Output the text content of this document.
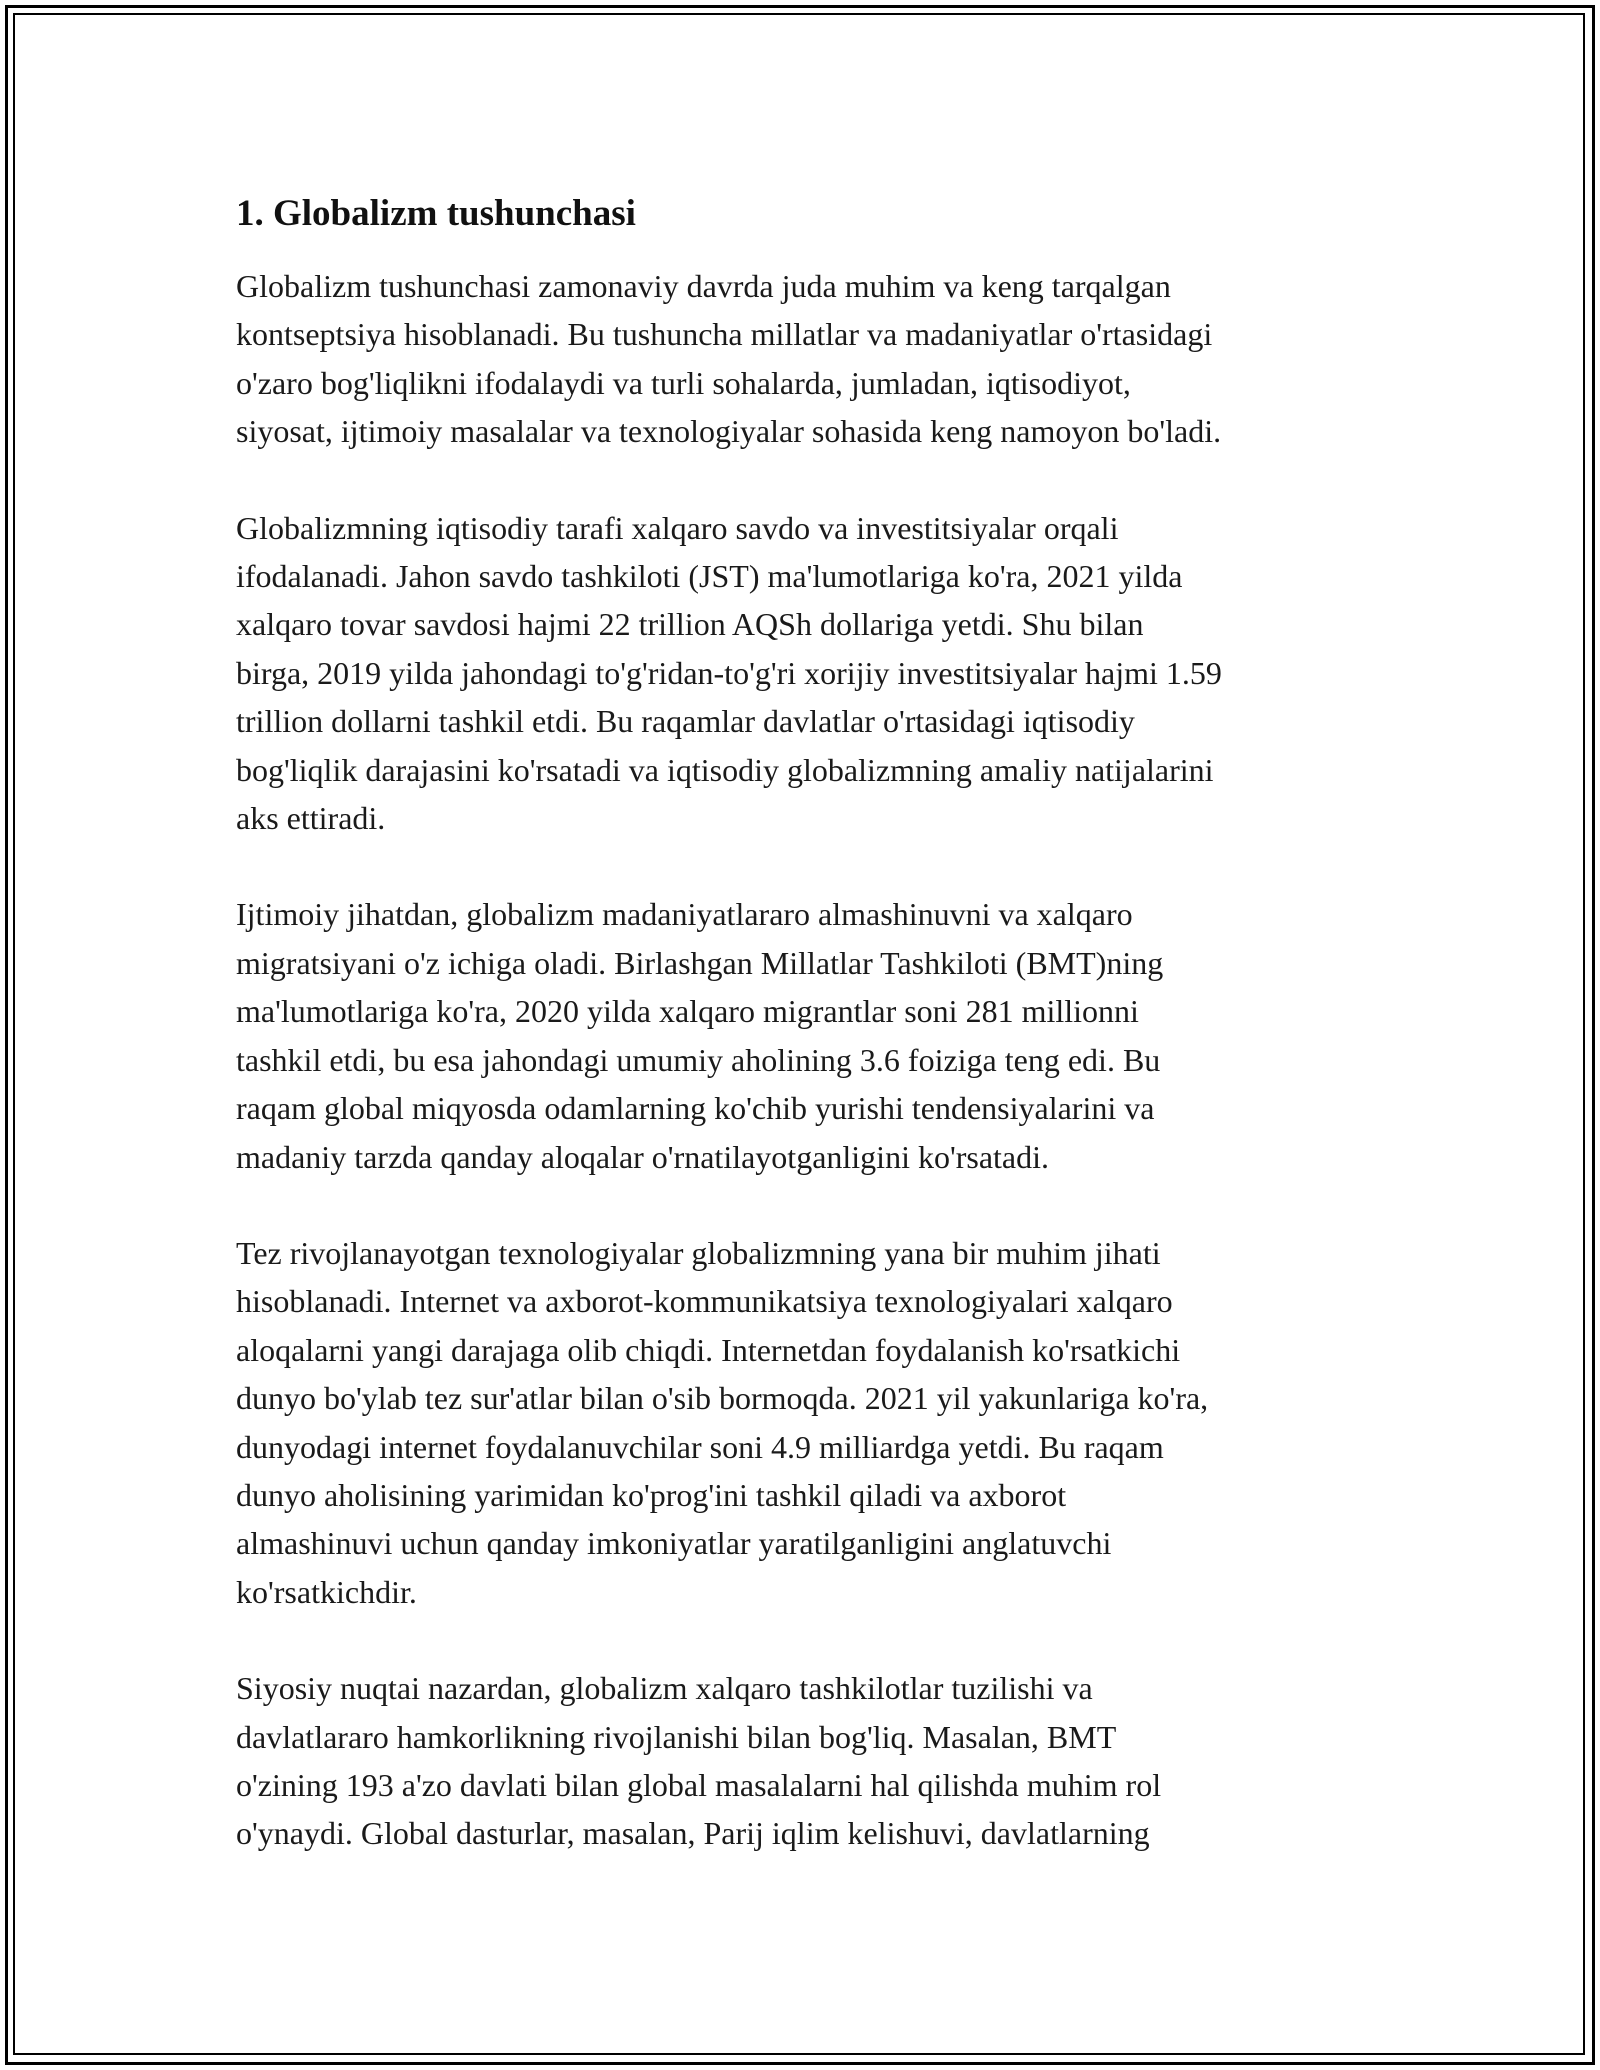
1. Globalizm tushunchasi

Globalizm tushunchasi zamonaviy davrda juda muhim va keng tarqalgan
kontseptsiya hisoblanadi. Bu tushuncha millatlar va madaniyatlar o'rtasidagi
o'zaro bog'liqlikni ifodalaydi va turli sohalarda, jumladan, iqtisodiyot,
siyosat, ijtimoiy masalalar va texnologiyalar sohasida keng namoyon bo'ladi.

Globalizmning iqtisodiy tarafi xalqaro savdo va investitsiyalar orqali
ifodalanadi. Jahon savdo tashkiloti (JST) ma'lumotlariga ko'ra, 2021 yilda
xalqaro tovar savdosi hajmi 22 trillion AQSh dollariga yetdi. Shu bilan
birga, 2019 yilda jahondagi to'g'ridan-to'g'ri xorijiy investitsiyalar hajmi 1.59
trillion dollarni tashkil etdi. Bu raqamlar davlatlar o'rtasidagi iqtisodiy
bog'liqlik darajasini ko'rsatadi va iqtisodiy globalizmning amaliy natijalarini
aks ettiradi.

Ijtimoiy jihatdan, globalizm madaniyatlararo almashinuvni va xalqaro
migratsiyani o'z ichiga oladi. Birlashgan Millatlar Tashkiloti (BMT)ning
ma'lumotlariga ko'ra, 2020 yilda xalqaro migrantlar soni 281 millionni
tashkil etdi, bu esa jahondagi umumiy aholining 3.6 foiziga teng edi. Bu
raqam global miqyosda odamlarning ko'chib yurishi tendensiyalarini va
madaniy tarzda qanday aloqalar o'rnatilayotganligini ko'rsatadi.

Tez rivojlanayotgan texnologiyalar globalizmning yana bir muhim jihati
hisoblanadi. Internet va axborot-kommunikatsiya texnologiyalari xalqaro
aloqalarni yangi darajaga olib chiqdi. Internetdan foydalanish ko'rsatkichi
dunyo bo'ylab tez sur'atlar bilan o'sib bormoqda. 2021 yil yakunlariga ko'ra,
dunyodagi internet foydalanuvchilar soni 4.9 milliardga yetdi. Bu raqam
dunyo aholisining yarimidan ko'prog'ini tashkil qiladi va axborot
almashinuvi uchun qanday imkoniyatlar yaratilganligini anglatuvchi
ko'rsatkichdir.

Siyosiy nuqtai nazardan, globalizm xalqaro tashkilotlar tuzilishi va
davlatlararo hamkorlikning rivojlanishi bilan bog'liq. Masalan, BMT
o'zining 193 a'zo davlati bilan global masalalarni hal qilishda muhim rol
o'ynaydi. Global dasturlar, masalan, Parij iqlim kelishuvi, davlatlarning
